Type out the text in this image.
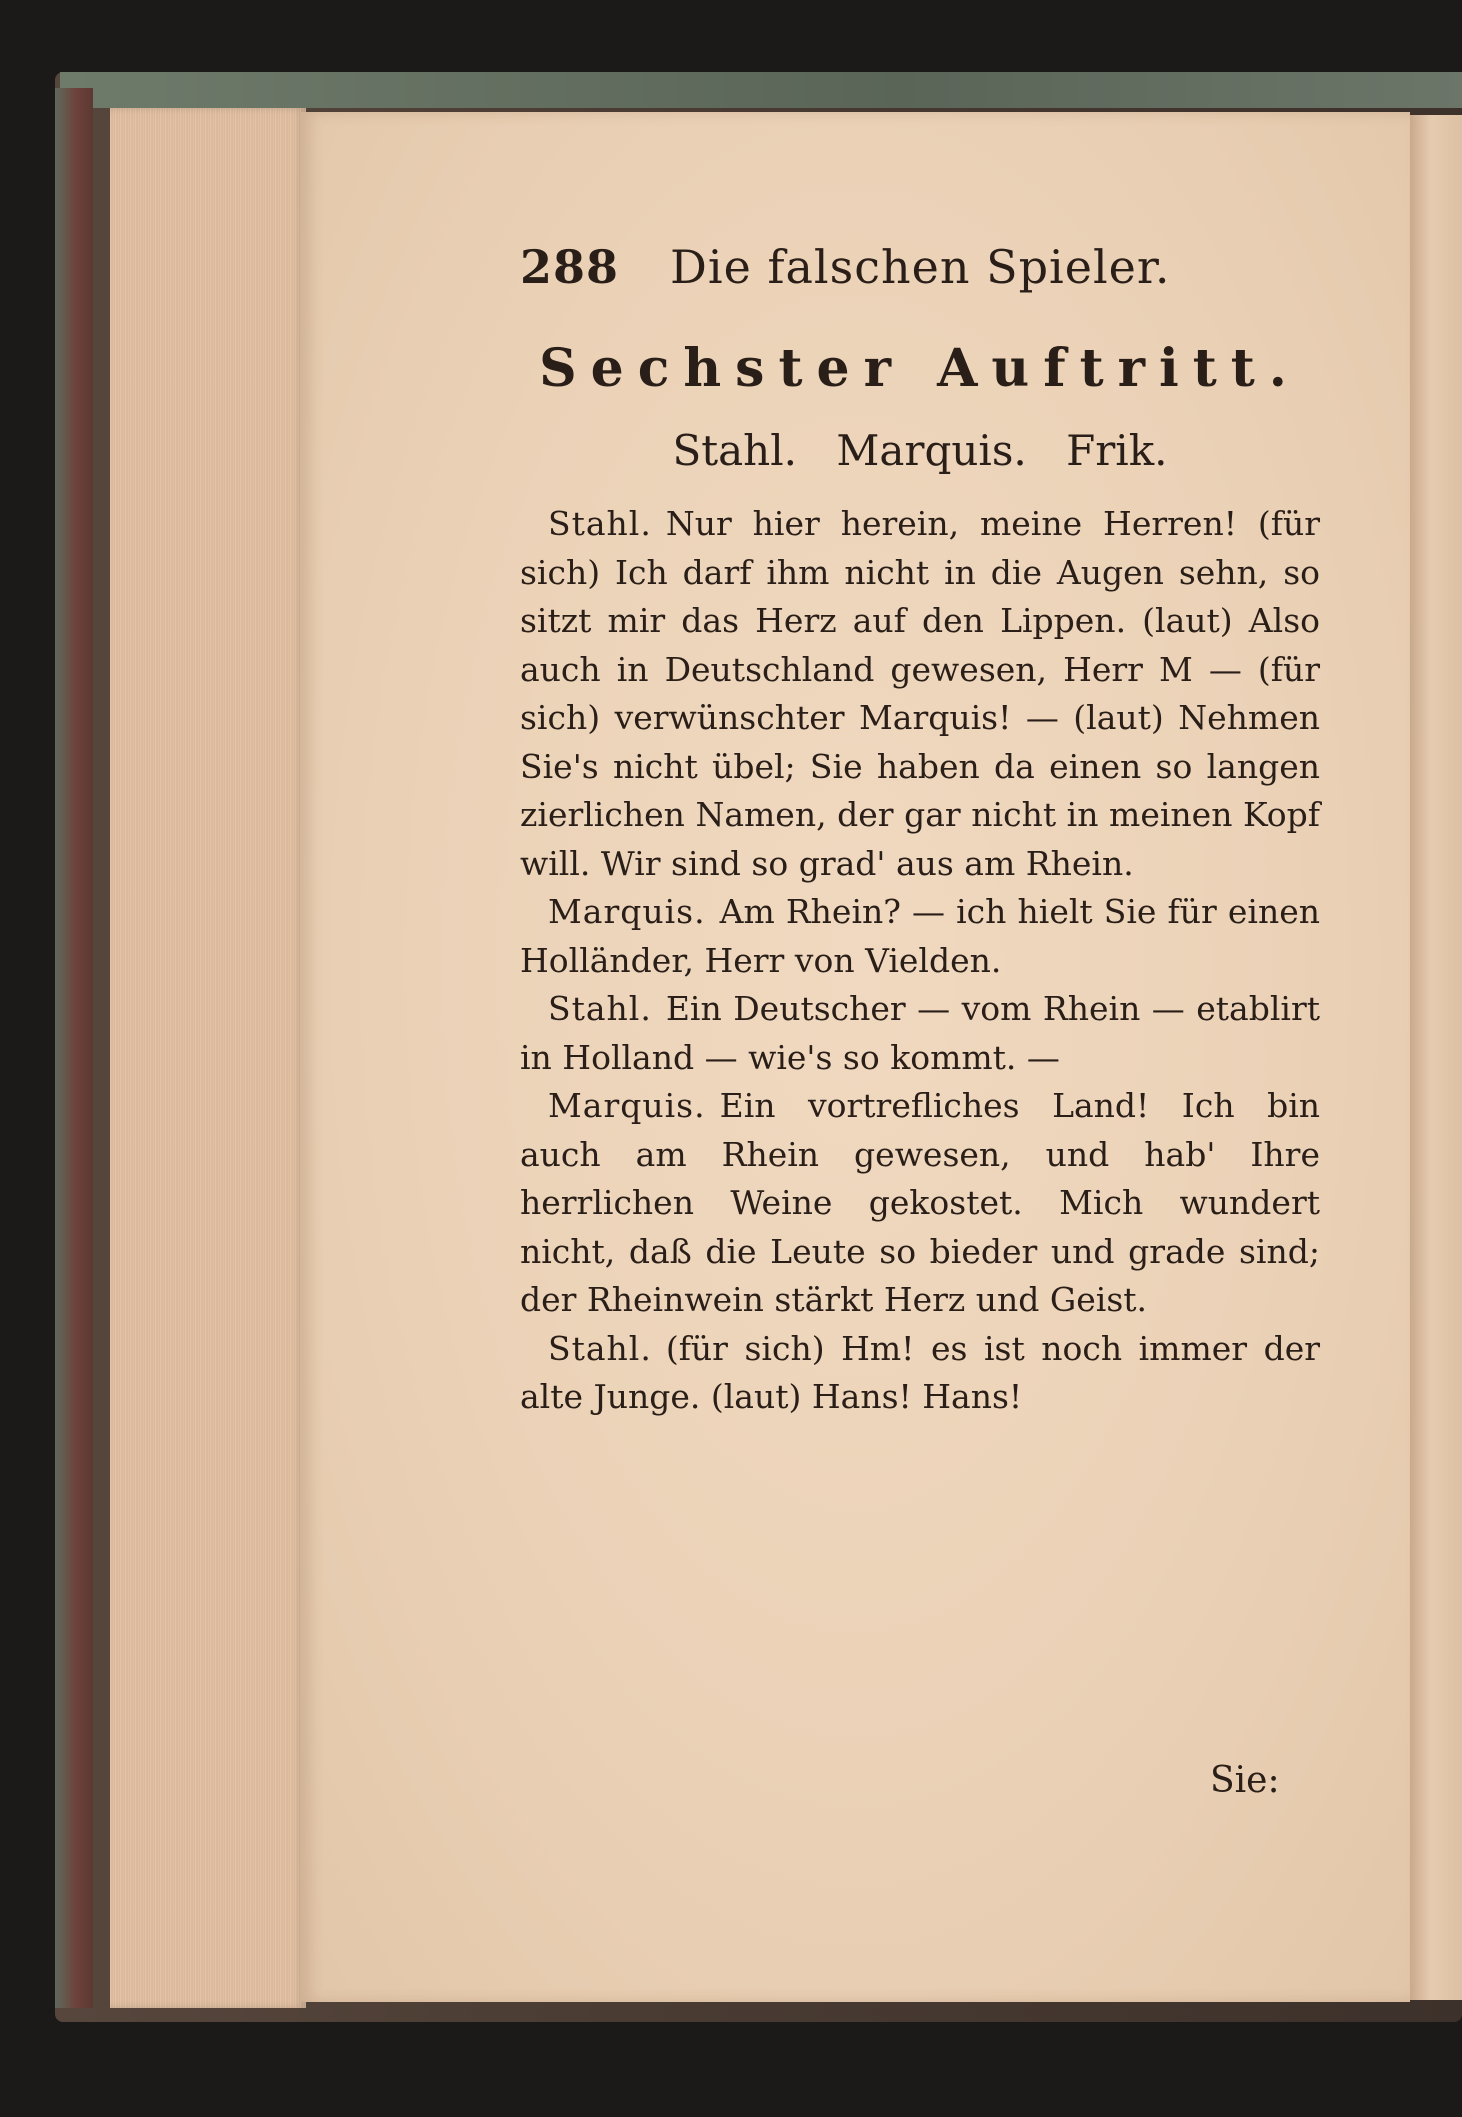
288	Die falschen Spieler.
Sechster Auftritt.
Stahl. Marquis. Frik.

Stahl. Nur hier herein, meine Herren! (für sich) Ich darf ihm nicht in die Augen sehn, so sitzt mir das Herz auf den Lippen. (laut) Also auch in Deutschland gewesen, Herr M — (für sich) verwünschter Marquis! — (laut) Nehmen Sie's nicht übel; Sie haben da einen so langen zierlichen Namen, der gar nicht in meinen Kopf will. Wir sind so grad' aus am Rhein.

Marquis. Am Rhein? — ich hielt Sie für einen Holländer, Herr von Vielden.

Stahl. Ein Deutscher — vom Rhein — etablirt in Holland — wie's so kommt. —

Marquis. Ein vortrefliches Land! Ich bin auch am Rhein gewesen, und hab' Ihre herrlichen Weine gekostet. Mich wundert nicht, daß die Leute so bieder und grade sind; der Rheinwein stärkt Herz und Geist.

Stahl. (für sich) Hm! es ist noch immer der alte Junge. (laut) Hans! Hans!

Sie:
